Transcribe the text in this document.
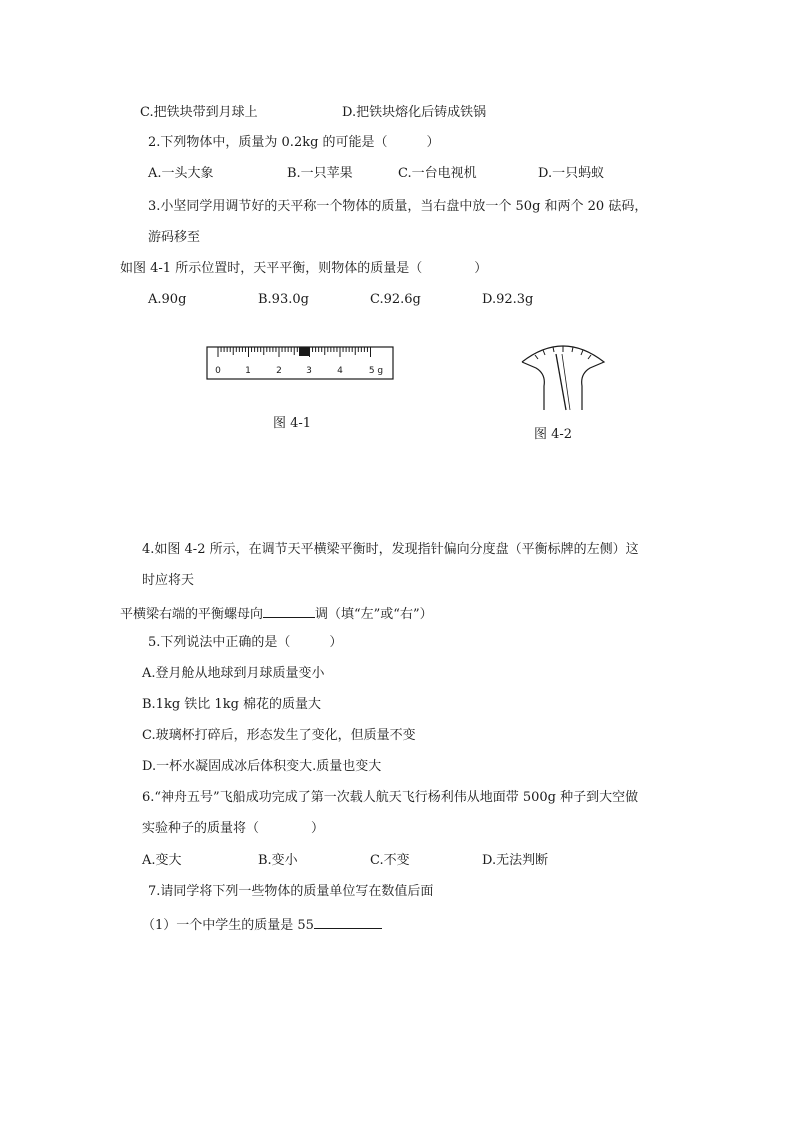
C.把铁块带到月球上	D.把铁块熔化后铸成铁锅
2.下列物体中，质量为 0.2kg 的可能是（　　　）
A.一头大象	B.一只苹果	C.一台电视机	D.一只蚂蚁
3.小坚同学用调节好的天平称一个物体的质量，当右盘中放一个 50g 和两个 20 砝码，
游码移至
如图 4-1 所示位置时，天平平衡，则物体的质量是（　　　　）
A.90g	B.93.0g	C.92.6g	D.92.3g
0	1	2	3	4	5 g
图 4-1
图 4-2
4.如图 4-2 所示，在调节天平横梁平衡时，发现指针偏向分度盘（平衡标牌的左侧）这
时应将天
平横梁右端的平衡螺母向	调（填“左”或“右”）
5.下列说法中正确的是（　　　）
A.登月舱从地球到月球质量变小
B.1kg 铁比 1kg 棉花的质量大
C.玻璃杯打碎后，形态发生了变化，但质量不变
D.一杯水凝固成冰后体积变大.质量也变大
6.“神舟五号”飞船成功完成了第一次载人航天飞行杨利伟从地面带 500g 种子到大空做
实验种子的质量将（　　　　）
A.变大	B.变小	C.不变	D.无法判断
7.请同学将下列一些物体的质量单位写在数值后面
（1）一个中学生的质量是 55
